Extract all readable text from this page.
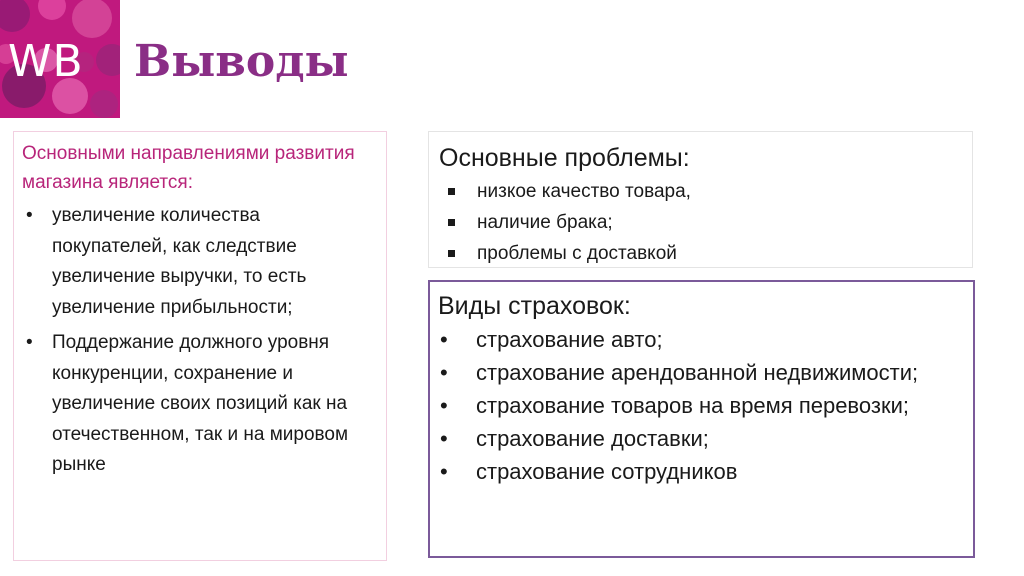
WB Выводы

Основными направлениями развития магазина является:

• увеличение количества покупателей, как следствие увеличение выручки, то есть увеличение прибыльности;
• Поддержание должного уровня конкуренции, сохранение и увеличение своих позиций как на отечественном, так и на мировом рынке
Основные проблемы:
низкое качество товара,
наличие брака;
проблемы с доставкой
Виды страховок:
• страхование авто;
• страхование арендованной недвижимости;
• страхование товаров на время перевозки;
• страхование доставки;
• страхование сотрудников
